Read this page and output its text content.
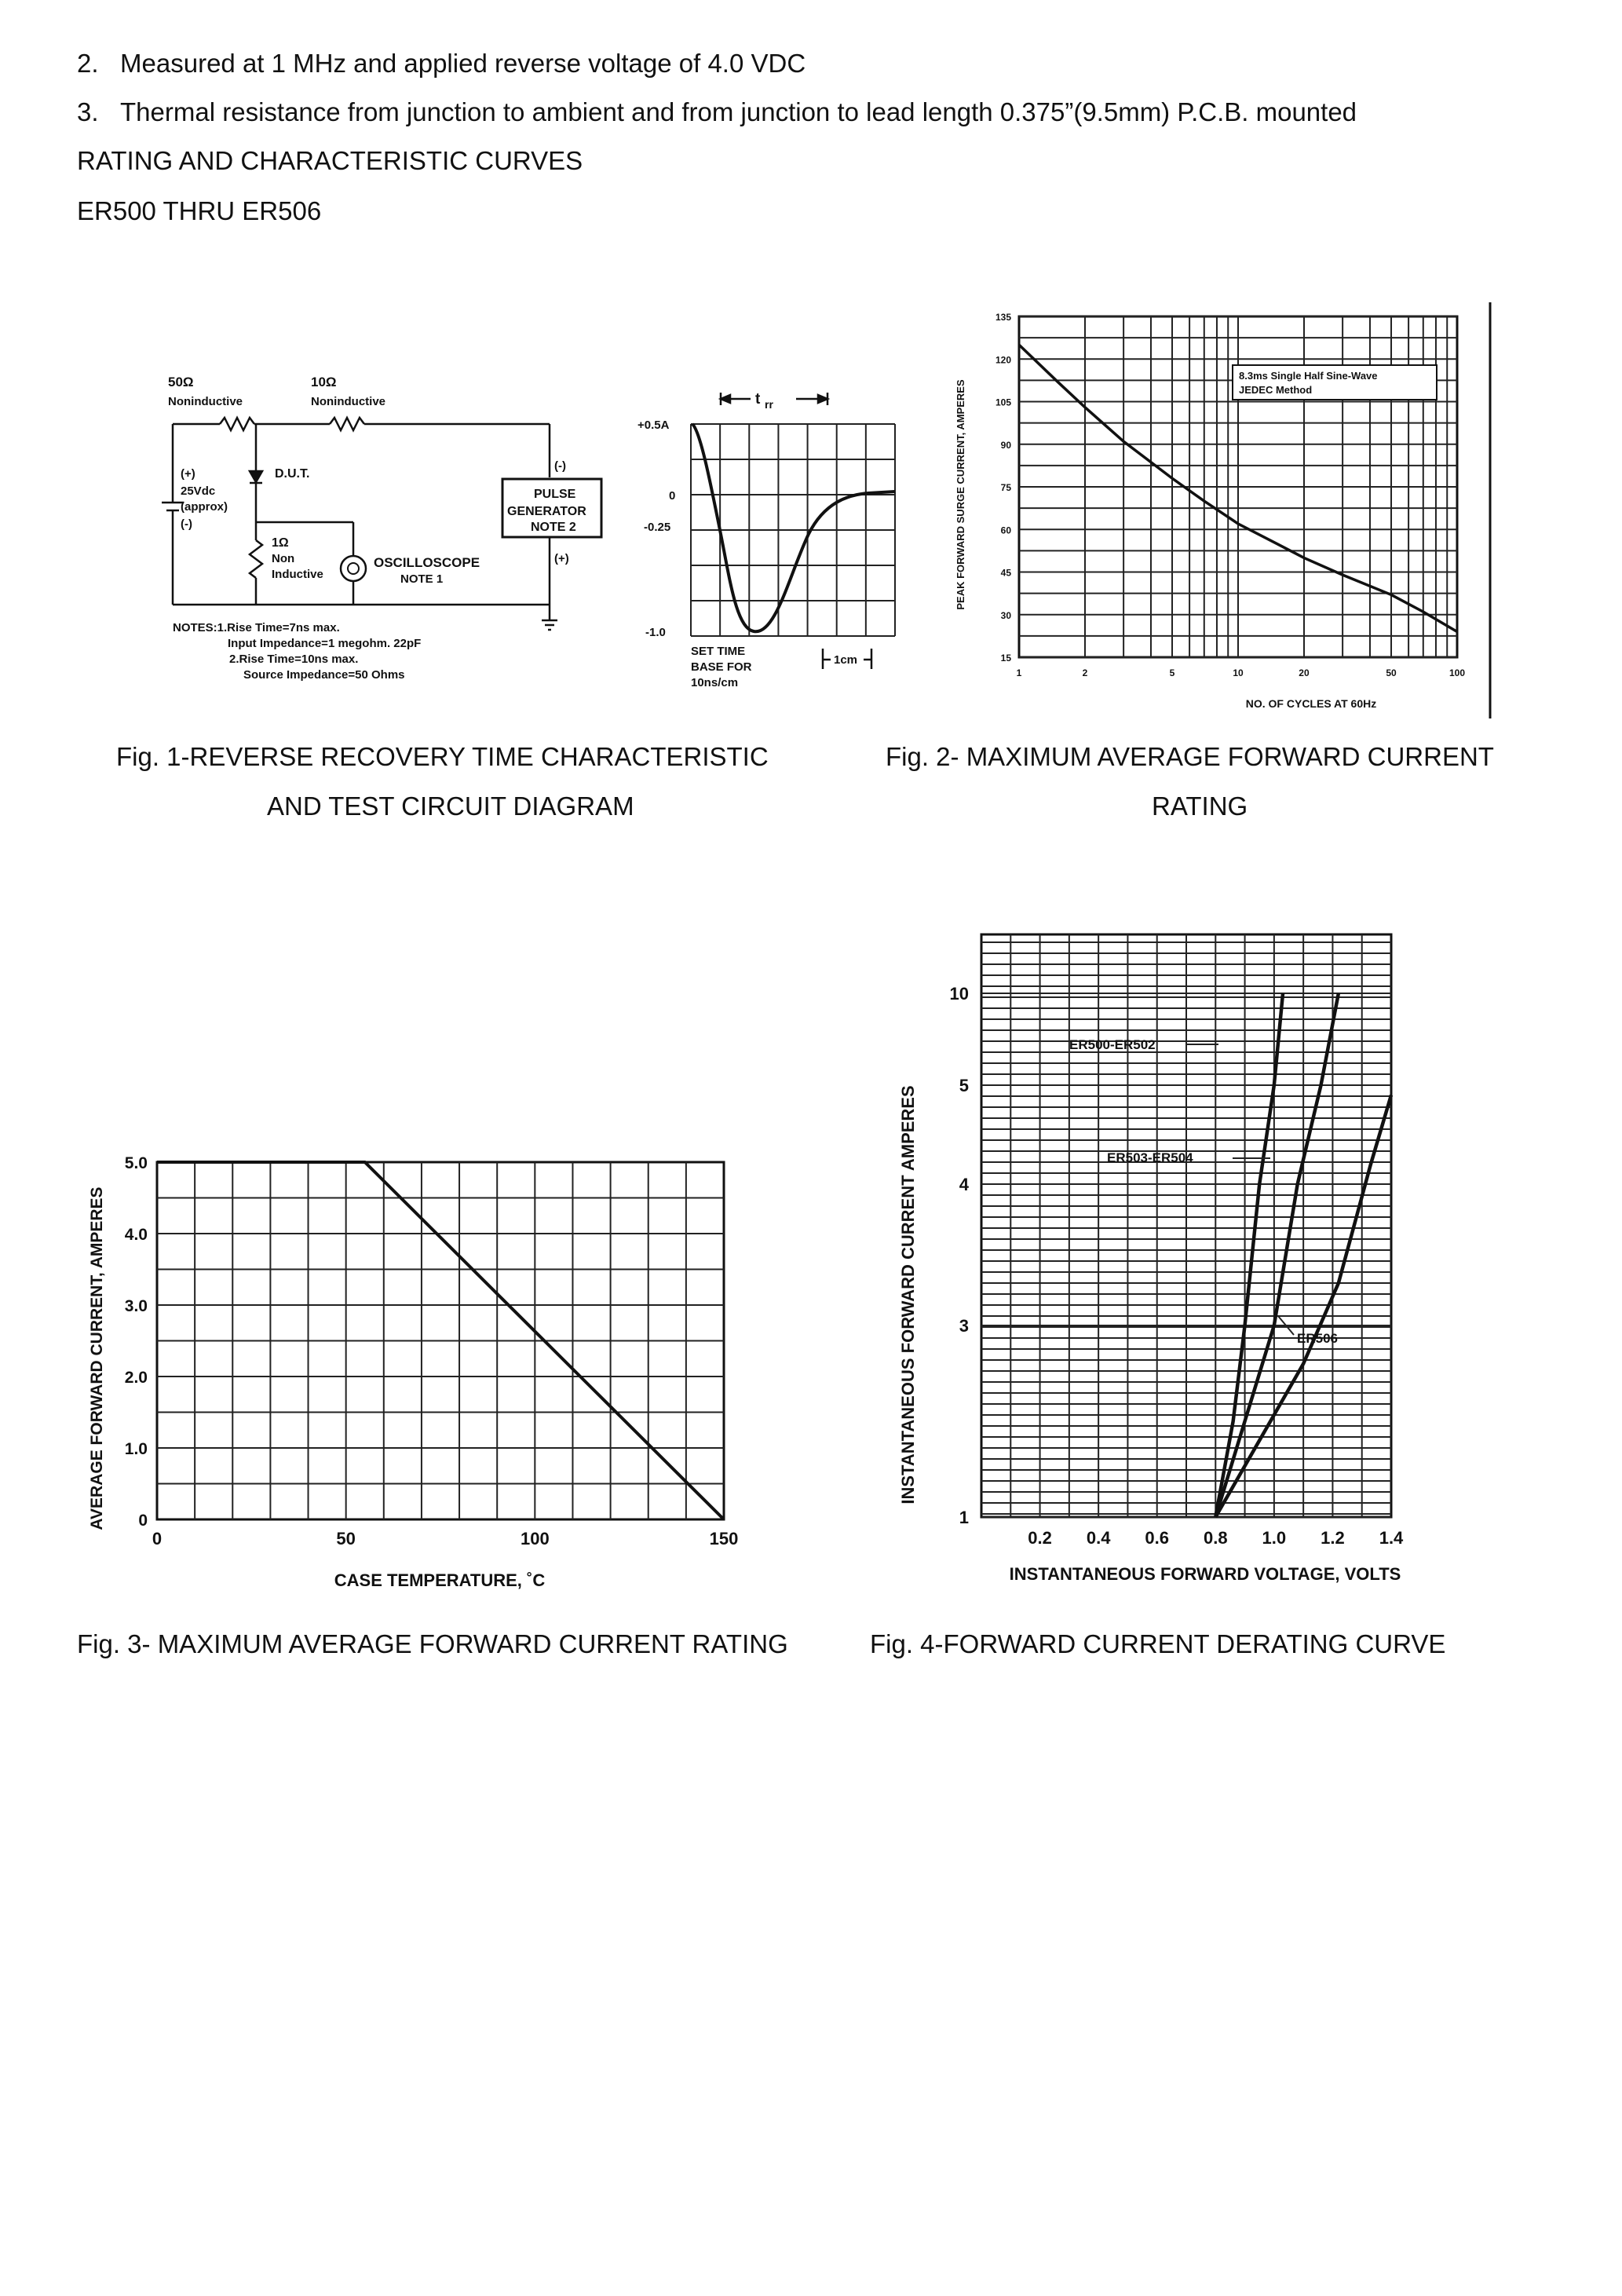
2.   Measured at 1 MHz and applied reverse voltage of 4.0 VDC
3.   Thermal resistance from junction to ambient and from junction to lead length 0.375”(9.5mm) P.C.B. mounted
RATING AND CHARACTERISTIC CURVES
ER500 THRU ER506
50Ω
Noninductive
10Ω
Noninductive
(+)
25Vdc
(approx)
(-)
D.U.T.
1Ω
Non
Inductive
OSCILLOSCOPE
NOTE 1
PULSE
GENERATOR
NOTE 2
(-)
(+)
NOTES:1.Rise Time=7ns max.
Input Impedance=1 megohm. 22pF
2.Rise Time=10ns max.
Source Impedance=50 Ohms
t rr
+0.5A
0
-0.25
-1.0
SET TIME
BASE FOR
10ns/cm
1cm
1	2	5	10	20	50	100
15
30
45
60
75
90
105
120
135
8.3ms Single Half Sine-Wave
JEDEC Method
NO. OF CYCLES AT 60Hz
PEAK FORWARD SURGE CURRENT, AMPERES
Fig. 1-REVERSE RECOVERY TIME CHARACTERISTIC
AND TEST CIRCUIT DIAGRAM
Fig. 2- MAXIMUM AVERAGE FORWARD CURRENT
RATING
0	50	100	150
0
1.0
2.0
3.0
4.0
5.0
CASE TEMPERATURE, ˚C
AVERAGE FORWARD CURRENT, AMPERES
0.2 0.4 0.6 0.8 1.0 1.2 1.4
1
3
4
5
10
INSTANTANEOUS FORWARD CURRENT AMPERES
INSTANTANEOUS FORWARD VOLTAGE, VOLTS
ER500-ER502
ER503-ER504
ER506
Fig. 3- MAXIMUM AVERAGE FORWARD CURRENT RATING	Fig. 4-FORWARD CURRENT DERATING CURVE
